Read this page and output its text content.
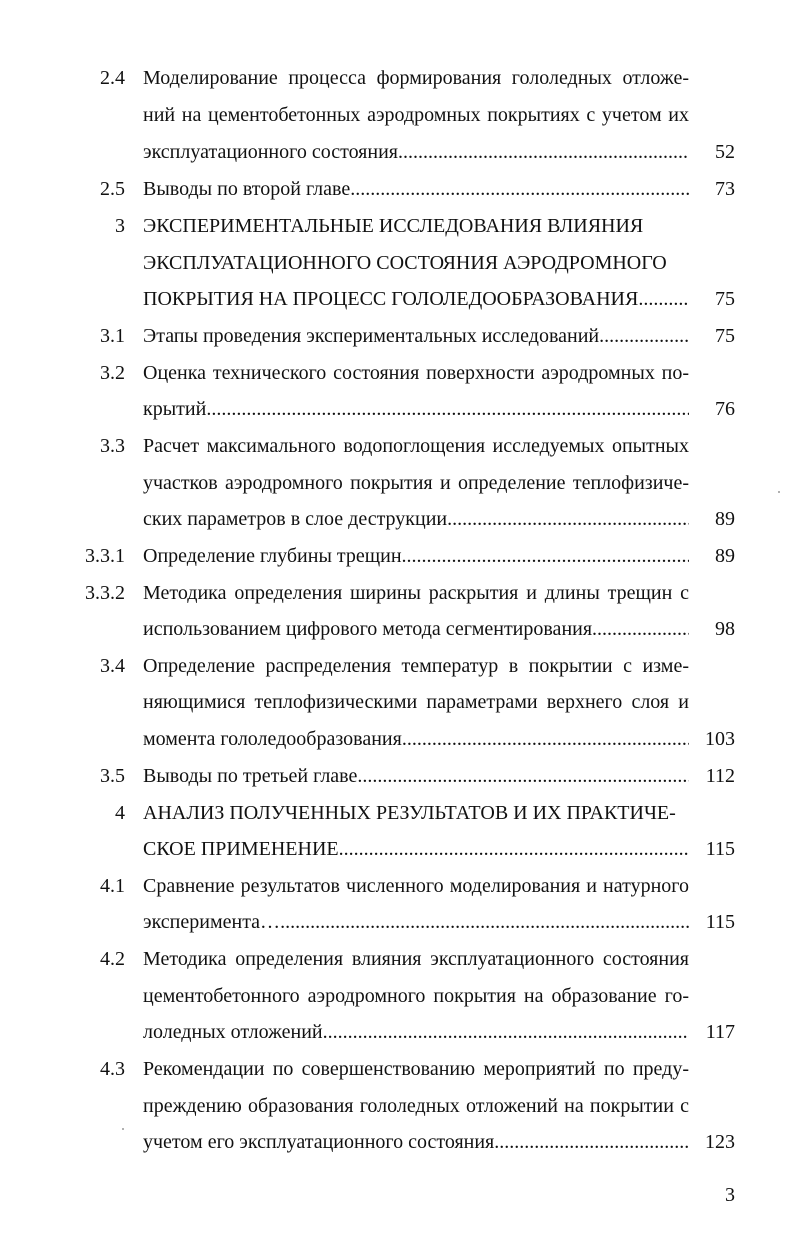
2.4 Моделирование процесса формирования гололедных отложе-
ний на цементобетонных аэродромных покрытиях с учетом их
эксплуатационного состояния .....	52
2.5 Выводы по второй главе .....	73
3 ЭКСПЕРИМЕНТАЛЬНЫЕ ИССЛЕДОВАНИЯ ВЛИЯНИЯ
ЭКСПЛУАТАЦИОННОГО СОСТОЯНИЯ АЭРОДРОМНОГО
ПОКРЫТИЯ НА ПРОЦЕСС ГОЛОЛЕДООБРАЗОВАНИЯ .....	75
3.1 Этапы проведения экспериментальных исследований .....	75
3.2 Оценка технического состояния поверхности аэродромных по-
крытий .....	76
3.3 Расчет максимального водопоглощения исследуемых опытных
участков аэродромного покрытия и определение теплофизиче-
ских параметров в слое деструкции .....	89
3.3.1 Определение глубины трещин .....	89
3.3.2 Методика определения ширины раскрытия и длины трещин с
использованием цифрового метода сегментирования .....	98
3.4 Определение распределения температур в покрытии с изме-
няющимися теплофизическими параметрами верхнего слоя и
момента гололедообразования .....	103
3.5 Выводы по третьей главе .....	112
4 АНАЛИЗ ПОЛУЧЕННЫХ РЕЗУЛЬТАТОВ И ИХ ПРАКТИЧЕ-
СКОЕ ПРИМЕНЕНИЕ .....	115
4.1 Сравнение результатов численного моделирования и натурного
эксперимента… .....	115
4.2 Методика определения влияния эксплуатационного состояния
цементобетонного аэродромного покрытия на образование го-
лоледных отложений .....	117
4.3 Рекомендации по совершенствованию мероприятий по преду-
преждению образования гололедных отложений на покрытии с
учетом его эксплуатационного состояния .....	123
3
